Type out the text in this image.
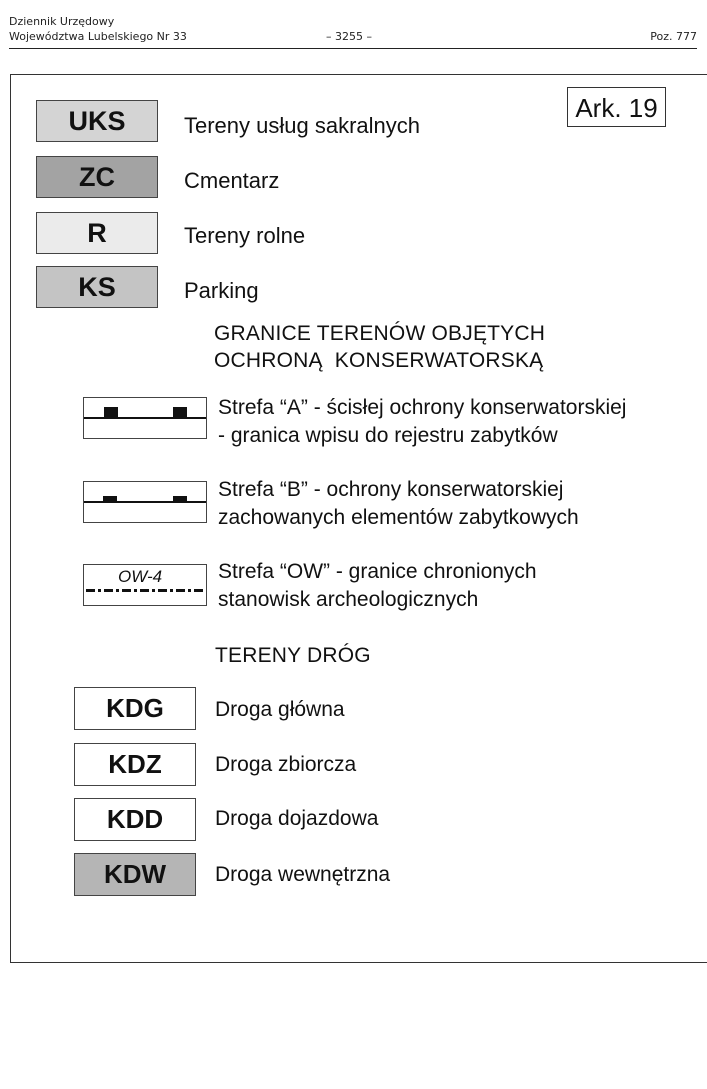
Dziennik Urzędowy
Województwa Lubelskiego Nr 33	– 3255 –	Poz. 777
Ark. 19
UKS	Tereny usług sakralnych
ZC	Cmentarz
R	Tereny rolne
KS	Parking
GRANICE TERENÓW OBJĘTYCH
OCHRONĄ  KONSERWATORSKĄ
Strefa “A” - ścisłej ochrony konserwatorskiej
- granica wpisu do rejestru zabytków
Strefa “B” - ochrony konserwatorskiej
zachowanych elementów zabytkowych
OW-4	Strefa “OW” - granice chronionych
stanowisk archeologicznych
TERENY DRÓG
KDG	Droga główna
KDZ	Droga zbiorcza
KDD	Droga dojazdowa
KDW	Droga wewnętrzna
